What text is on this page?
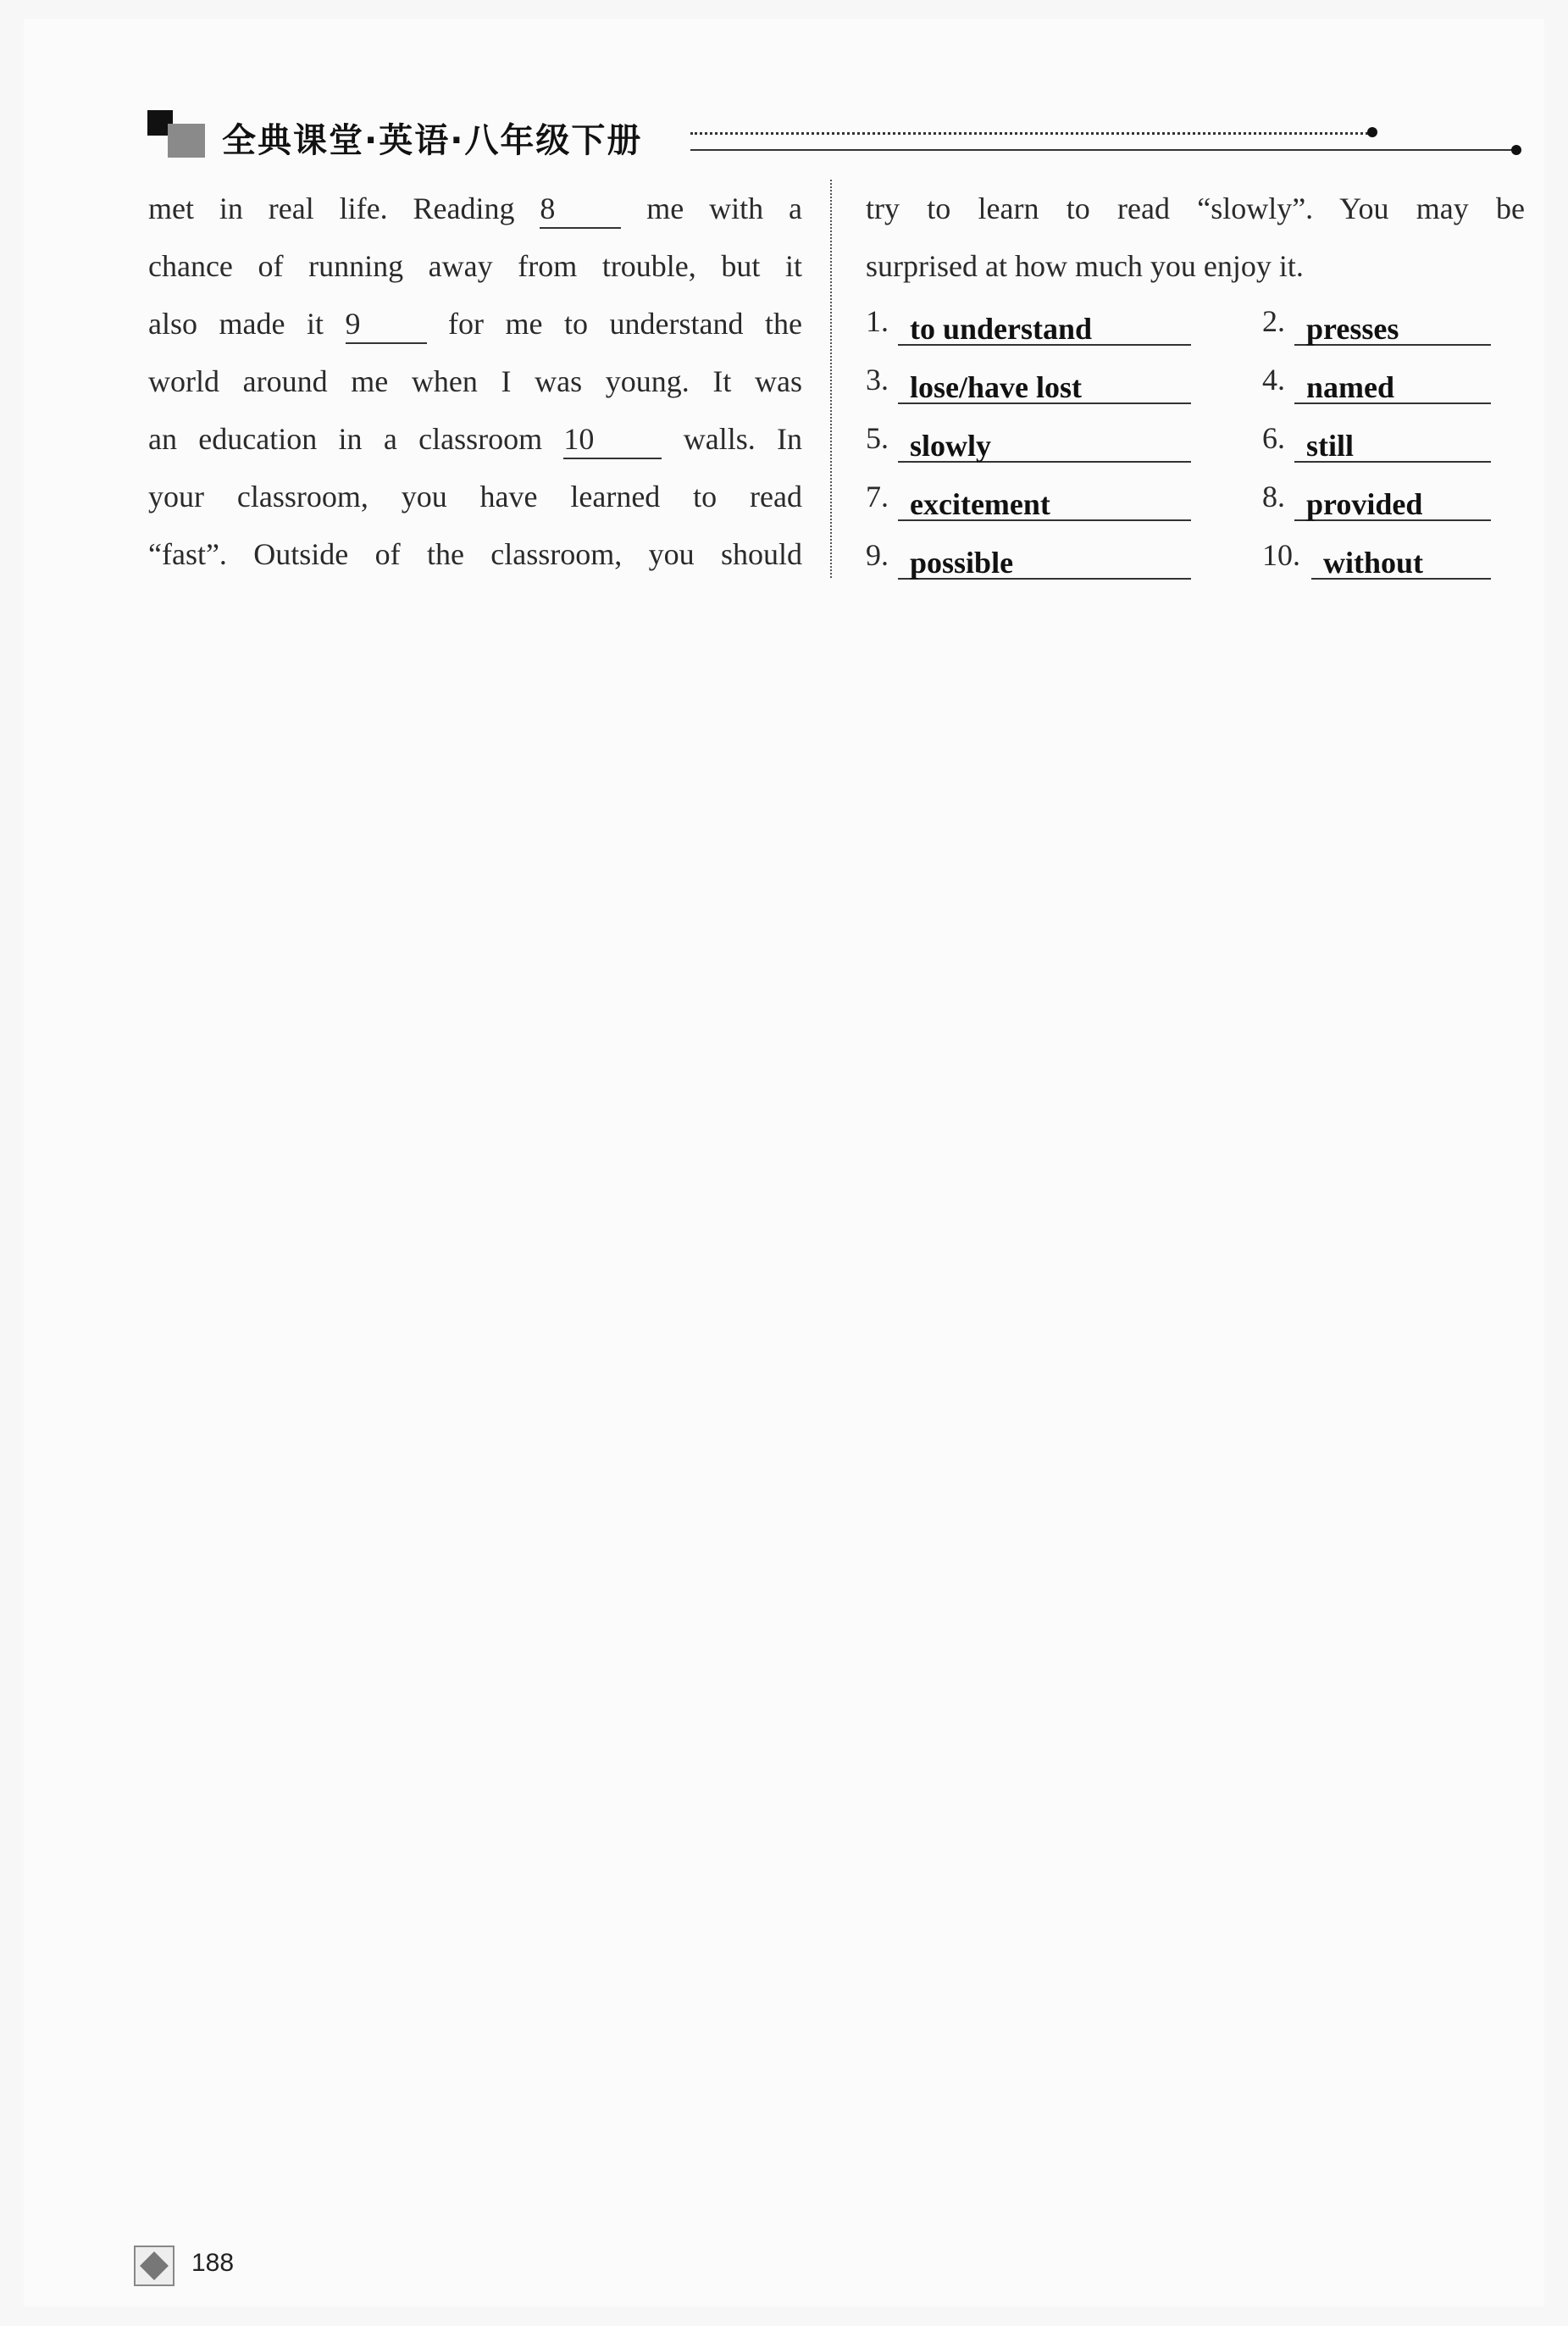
全典课堂·英语·八年级下册
met in real life. Reading 8 me with a
chance of running away from trouble, but it
also made it 9 for me to understand the
world around me when I was young. It was
an education in a classroom 10 walls. In
your classroom, you have learned to read
“fast”. Outside of the classroom, you should
try to learn to read “slowly”. You may be
surprised at how much you enjoy it.
1. to understand	2. presses
3. lose/have lost	4. named
5. slowly	6. still
7. excitement	8. provided
9. possible	10. without
188
